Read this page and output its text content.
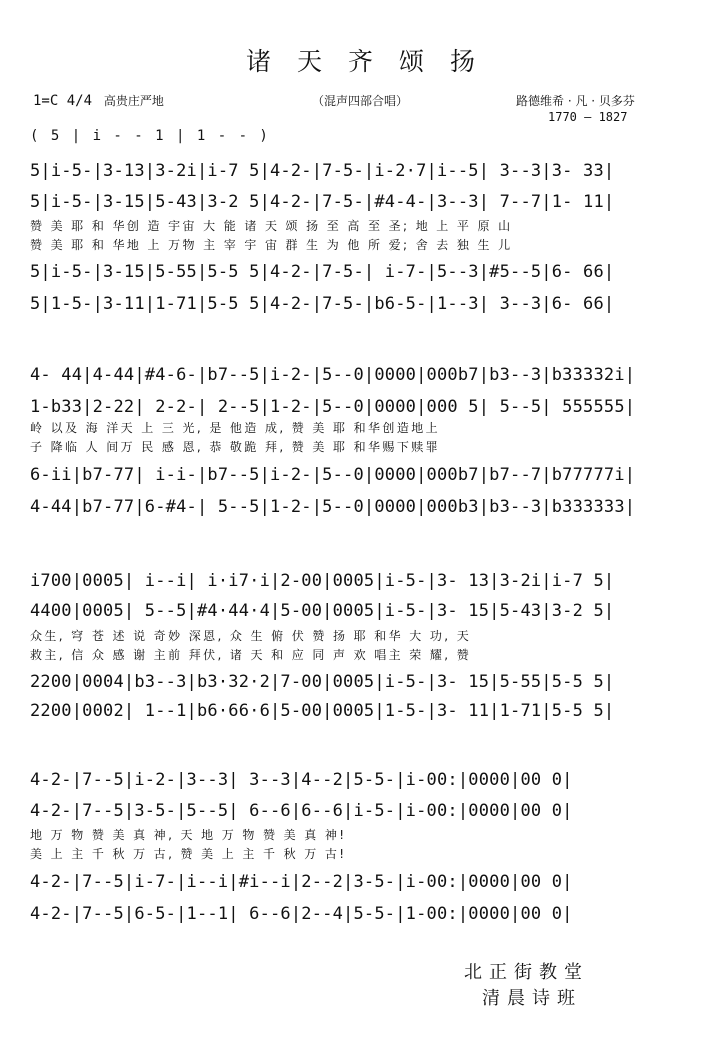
诸天齐颂扬
1=C 4/4 高贵庄严地	（混声四部合唱）	路德维希 · 凡 · 贝多芬
1770 — 1827
( 5 | i - - 1 | 1 - - )
5|i-5-|3-13|3-2i|i-7 5|4-2-|7-5-|i-2·7|i--5| 3--3|3- 33|
5|i-5-|3-15|5-43|3-2 5|4-2-|7-5-|#4-4-|3--3| 7--7|1- 11|
赞 美 耶 和 华创 造 宇宙 大 能 诸 天 颂 扬 至 高 至 圣; 地 上 平 原 山
赞 美 耶 和 华地 上 万物 主 宰 宇 宙 群 生 为 他 所 爱; 舍 去 独 生 儿
5|i-5-|3-15|5-55|5-5 5|4-2-|7-5-| i-7-|5--3|#5--5|6- 66|
5|1-5-|3-11|1-71|5-5 5|4-2-|7-5-|b6-5-|1--3| 3--3|6- 66|
4- 44|4-44|#4-6-|b7--5|i-2-|5--0|0000|000b7|b3--3|b33332i|
1-b33|2-22| 2-2-| 2--5|1-2-|5--0|0000|000 5| 5--5| 555555|
岭 以及 海 洋天 上 三 光, 是 他造 成, 赞 美 耶 和华创造地上
子 降临 人 间万 民 感 恩, 恭 敬跪 拜, 赞 美 耶 和华赐下赎罪
6-ii|b7-77| i-i-|b7--5|i-2-|5--0|0000|000b7|b7--7|b77777i|
4-44|b7-77|6-#4-| 5--5|1-2-|5--0|0000|000b3|b3--3|b333333|
i700|0005| i--i| i·i7·i|2-00|0005|i-5-|3- 13|3-2i|i-7 5|
4400|0005| 5--5|#4·44·4|5-00|0005|i-5-|3- 15|5-43|3-2 5|
众生, 穹 苍 述 说 奇妙 深恩, 众 生 俯 伏 赞 扬 耶 和华 大 功, 天
救主, 信 众 感 谢 主前 拜伏, 诸 天 和 应 同 声 欢 唱主 荣 耀, 赞
2200|0004|b3--3|b3·32·2|7-00|0005|i-5-|3- 15|5-55|5-5 5|
2200|0002| 1--1|b6·66·6|5-00|0005|1-5-|3- 11|1-71|5-5 5|
4-2-|7--5|i-2-|3--3| 3--3|4--2|5-5-|i-00:|0000|00 0|
4-2-|7--5|3-5-|5--5| 6--6|6--6|i-5-|i-00:|0000|00 0|
地 万 物 赞 美 真 神, 天 地 万 物 赞 美 真 神!
美 上 主 千 秋 万 古, 赞 美 上 主 千 秋 万 古!
4-2-|7--5|i-7-|i--i|#i--i|2--2|3-5-|i-00:|0000|00 0|
4-2-|7--5|6-5-|1--1| 6--6|2--4|5-5-|1-00:|0000|00 0|
北正街教堂
清晨诗班
